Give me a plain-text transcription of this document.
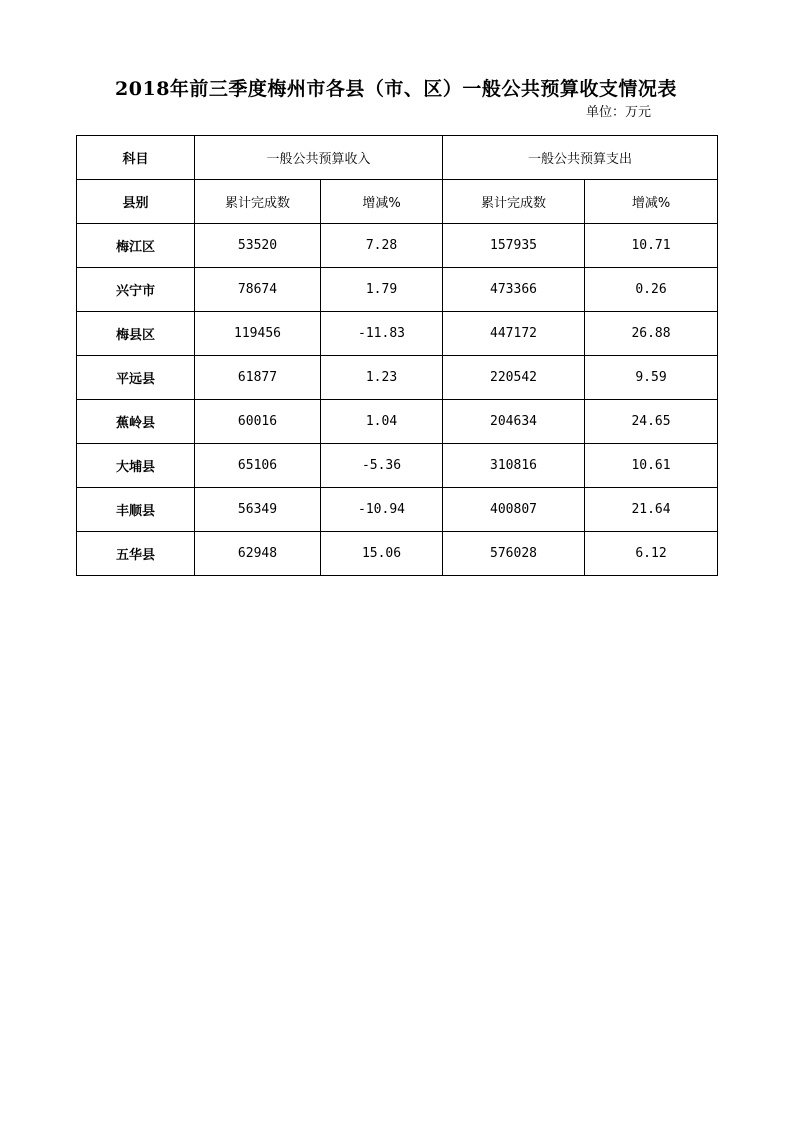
2018年前三季度梅州市各县（市、区）一般公共预算收支情况表
单位：万元
科目	一般公共预算收入		一般公共预算支出	
县别	累计完成数	增减%	累计完成数	增减%
梅江区	53520	7.28	157935	10.71
兴宁市	78674	1.79	473366	0.26
梅县区	119456	-11.83	447172	26.88
平远县	61877	1.23	220542	9.59
蕉岭县	60016	1.04	204634	24.65
大埔县	65106	-5.36	310816	10.61
丰顺县	56349	-10.94	400807	21.64
五华县	62948	15.06	576028	6.12
